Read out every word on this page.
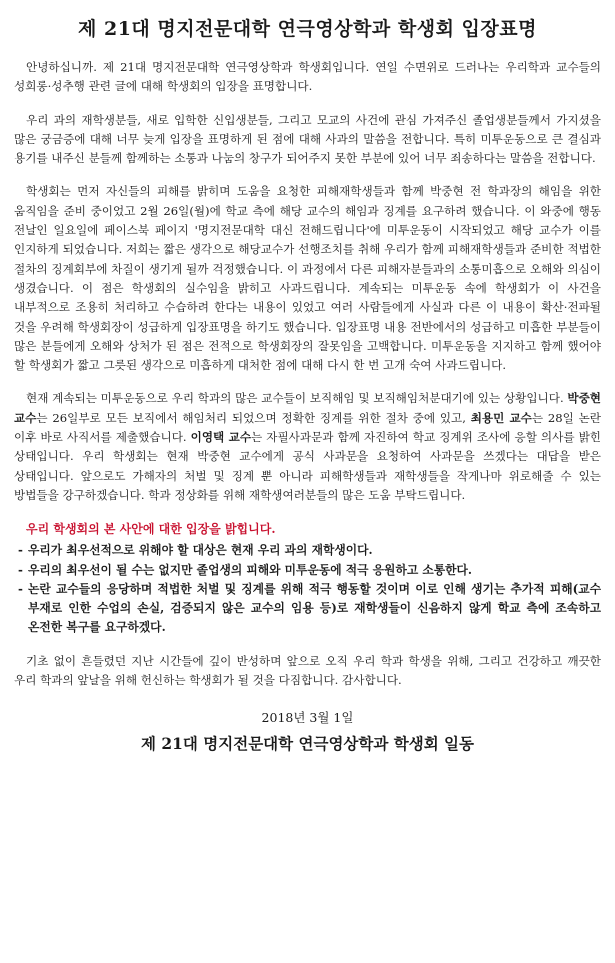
제 21대 명지전문대학 연극영상학과 학생회 입장표명

안녕하십니까. 제 21대 명지전문대학 연극영상학과 학생회입니다. 연일 수면위로 드러나는 우리학과 교수들의 성희롱·성추행 관련 글에 대해 학생회의 입장을 표명합니다.

우리 과의 재학생분들, 새로 입학한 신입생분들, 그리고 모교의 사건에 관심 가져주신 졸업생분들께서 가지셨을 많은 궁금증에 대해 너무 늦게 입장을 표명하게 된 점에 대해 사과의 말씀을 전합니다. 특히 미투운동으로 큰 결심과 용기를 내주신 분들께 함께하는 소통과 나눔의 창구가 되어주지 못한 부분에 있어 너무 죄송하다는 말씀을 전합니다.

학생회는 먼저 자신들의 피해를 밝히며 도움을 요청한 피해재학생들과 함께 박중현 전 학과장의 해임을 위한 움직임을 준비 중이었고 2월 26일(월)에 학교 측에 해당 교수의 해임과 징계를 요구하려 했습니다. 이 와중에 행동 전날인 일요일에 페이스북 페이지 '명지전문대학 대신 전해드립니다'에 미투운동이 시작되었고 해당 교수가 이를 인지하게 되었습니다. 저희는 짧은 생각으로 해당교수가 선행조치를 취해 우리가 함께 피해재학생들과 준비한 적법한 절차의 징계회부에 차질이 생기게 될까 걱정했습니다. 이 과정에서 다른 피해자분들과의 소통미흡으로 오해와 의심이 생겼습니다. 이 점은 학생회의 실수임을 밝히고 사과드립니다. 계속되는 미투운동 속에 학생회가 이 사건을 내부적으로 조용히 처리하고 수습하려 한다는 내용이 있었고 여러 사람들에게 사실과 다른 이 내용이 확산·전파될 것을 우려해 학생회장이 성급하게 입장표명을 하기도 했습니다. 입장표명 내용 전반에서의 성급하고 미흡한 부분들이 많은 분들에게 오해와 상처가 된 점은 전적으로 학생회장의 잘못임을 고백합니다. 미투운동을 지지하고 함께 했어야 할 학생회가 짧고 그릇된 생각으로 미흡하게 대처한 점에 대해 다시 한 번 고개 숙여 사과드립니다.

현재 계속되는 미투운동으로 우리 학과의 많은 교수들이 보직해임 및 보직해임처분대기에 있는 상황입니다. 박중현 교수는 26일부로 모든 보직에서 해임처리 되었으며 정확한 징계를 위한 절차 중에 있고, 최용민 교수는 28일 논란 이후 바로 사직서를 제출했습니다. 이영택 교수는 자필사과문과 함께 자진하여 학교 징계위 조사에 응할 의사를 밝힌 상태입니다. 우리 학생회는 현재 박중현 교수에게 공식 사과문을 요청하여 사과문을 쓰겠다는 대답을 받은 상태입니다. 앞으로도 가해자의 처벌 및 징계 뿐 아니라 피해학생들과 재학생들을 작게나마 위로해줄 수 있는 방법들을 강구하겠습니다. 학과 정상화를 위해 재학생여러분들의 많은 도움 부탁드립니다.

우리 학생회의 본 사안에 대한 입장을 밝힙니다.

- 우리가 최우선적으로 위해야 할 대상은 현재 우리 과의 재학생이다.
- 우리의 최우선이 될 수는 없지만 졸업생의 피해와 미투운동에 적극 응원하고 소통한다.
- 논란 교수들의 응당하며 적법한 처벌 및 징계를 위해 적극 행동할 것이며 이로 인해 생기는 추가적 피해(교수 부재로 인한 수업의 손실, 검증되지 않은 교수의 임용 등)로 재학생들이 신음하지 않게 학교 측에 조속하고 온전한 복구를 요구하겠다.

기초 없이 흔들렸던 지난 시간들에 깊이 반성하며 앞으로 오직 우리 학과 학생을 위해, 그리고 건강하고 깨끗한 우리 학과의 앞날을 위해 헌신하는 학생회가 될 것을 다짐합니다. 감사합니다.

2018년 3월 1일

제 21대 명지전문대학 연극영상학과 학생회 일동
